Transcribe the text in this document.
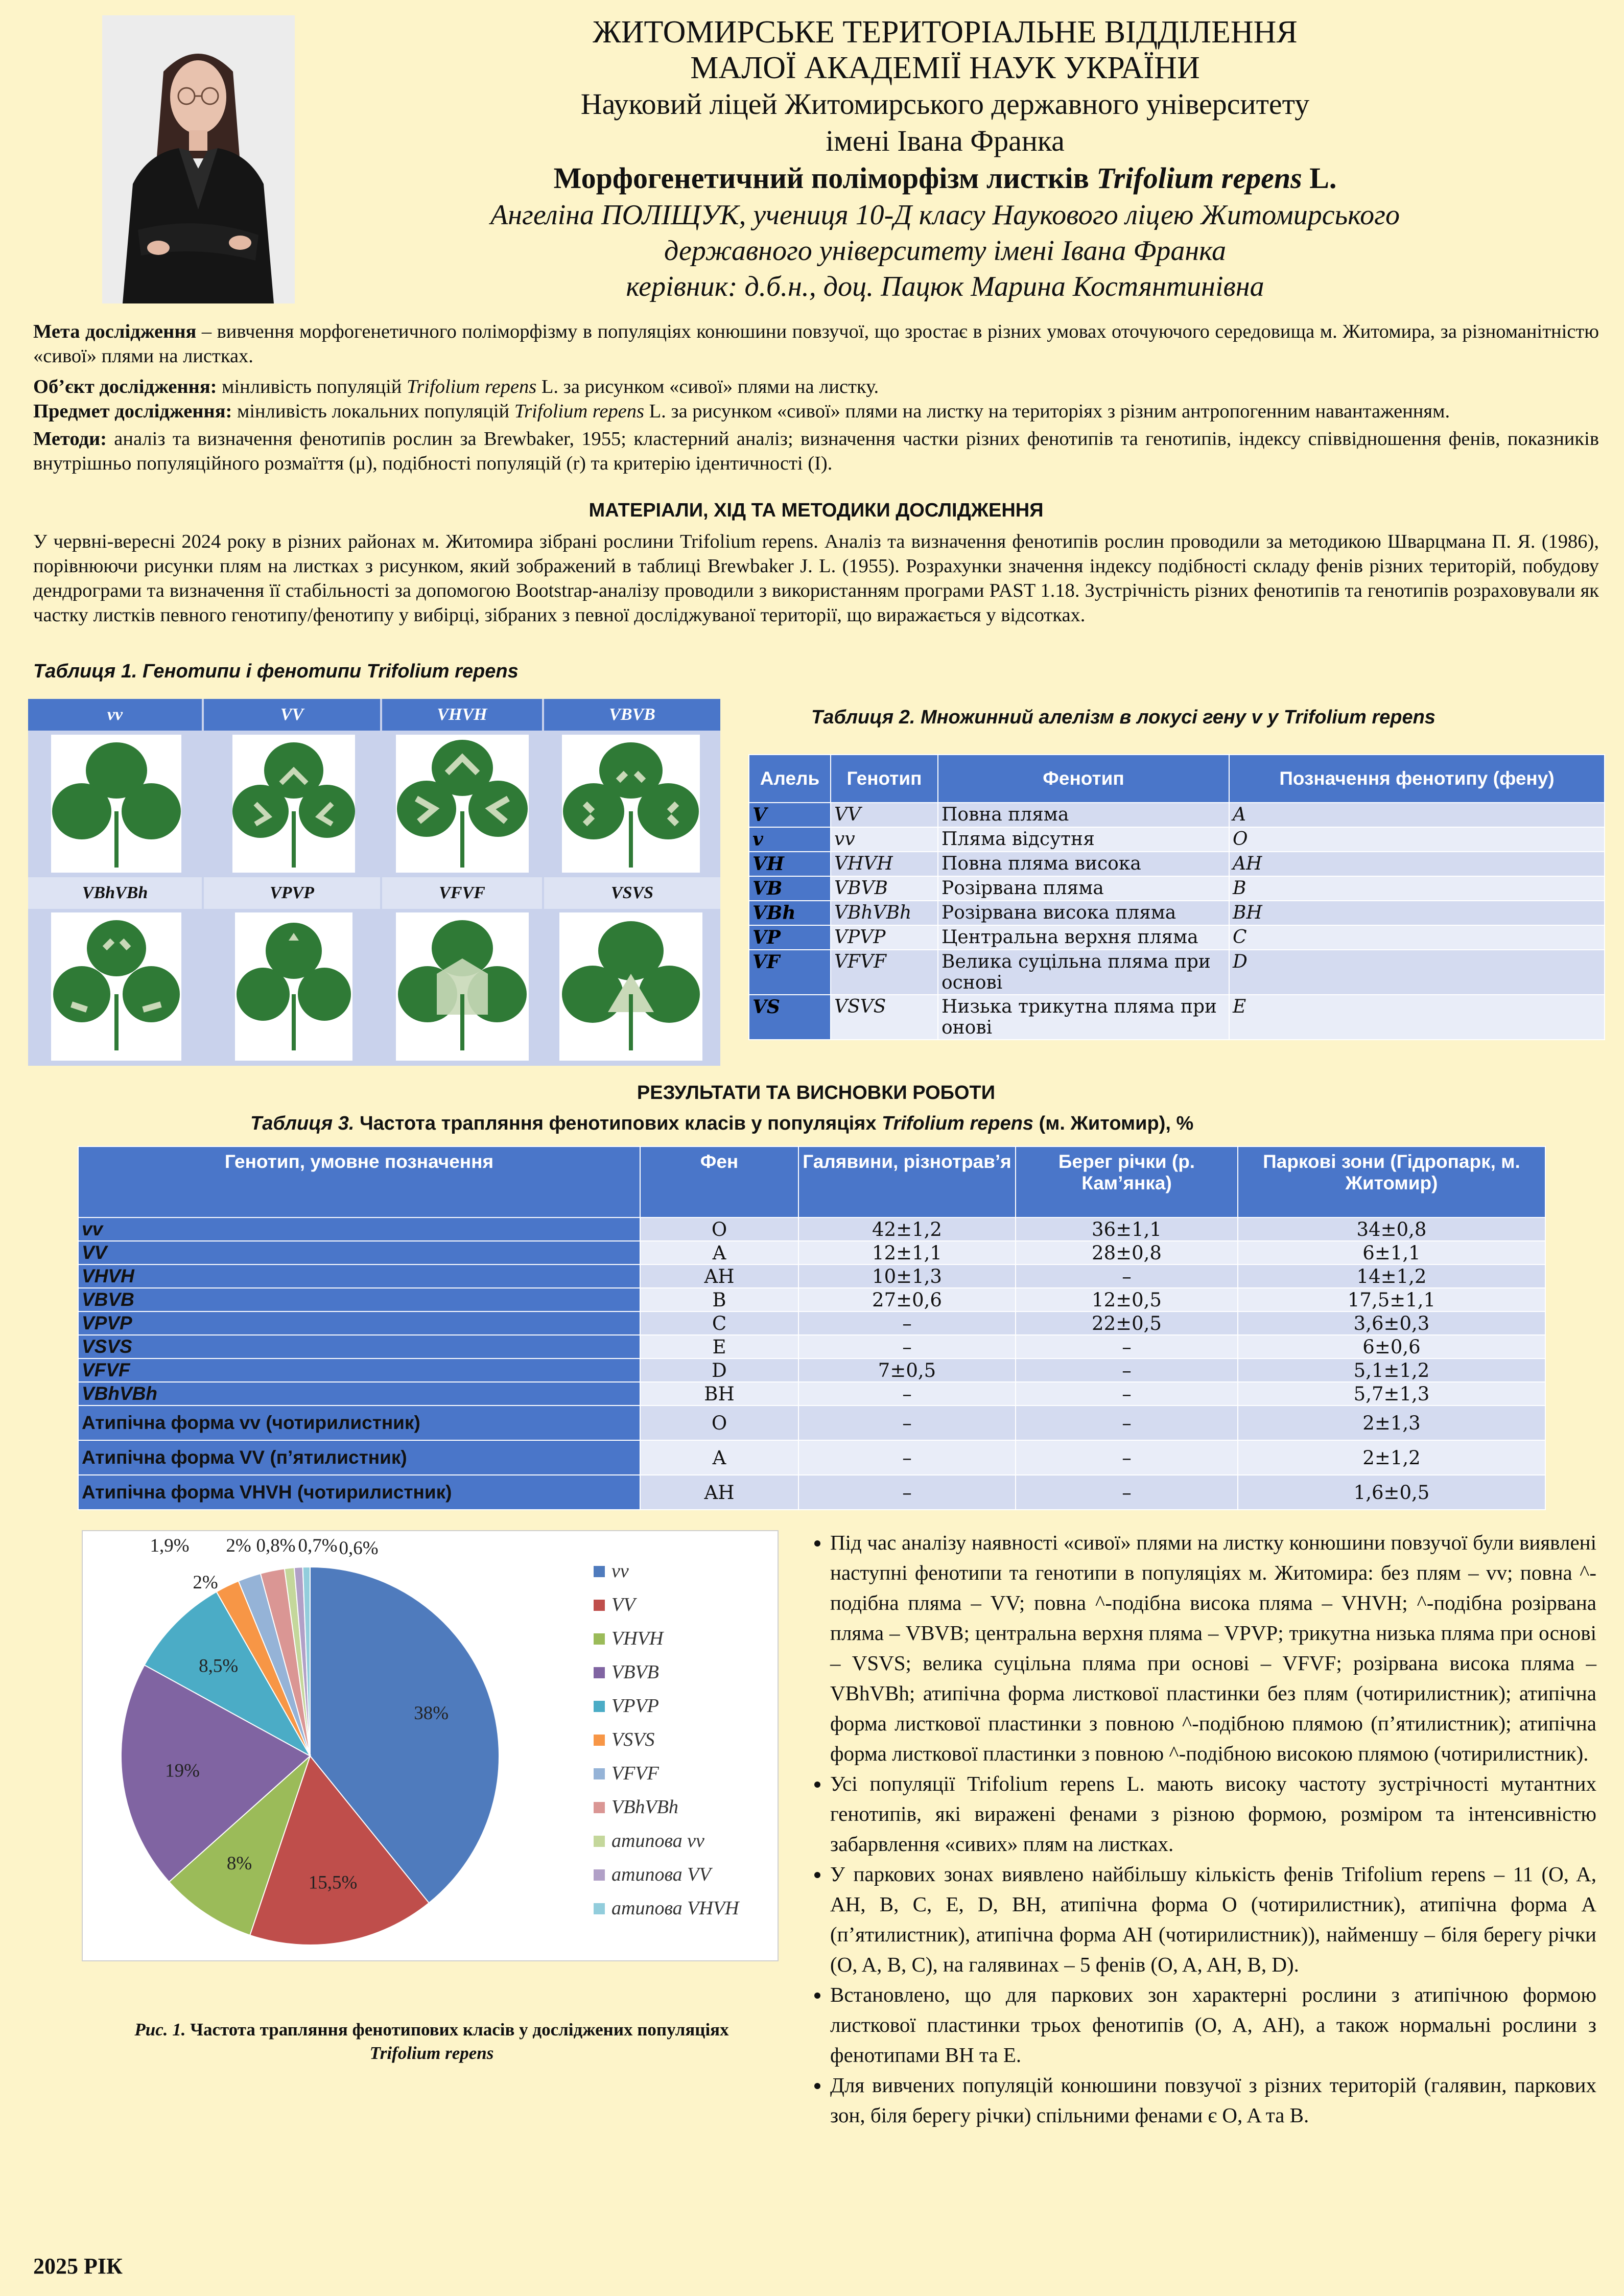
ЖИТОМИРСЬКЕ ТЕРИТОРІАЛЬНЕ ВІДДІЛЕННЯ
МАЛОЇ АКАДЕМІЇ НАУК УКРАЇНИ
Науковий ліцей Житомирського державного університету
імені Івана Франка
Морфогенетичний поліморфізм листків Trifolium repens L.
Ангеліна ПОЛІЩУК, учениця 10-Д класу Наукового ліцею Житомирського
державного університету імені Івана Франка
керівник: д.б.н., доц. Пацюк Марина Костянтинівна
Мета дослідження – вивчення морфогенетичного поліморфізму в популяціях конюшини повзучої, що зростає в різних умовах оточуючого середовища м. Житомира, за різноманітністю «сивої» плями на листках.
Об’єкт дослідження: мінливість популяцій Trifolium repens L. за рисунком «сивої» плями на листку.
Предмет дослідження: мінливість локальних популяцій Trifolium repens L. за рисунком «сивої» плями на листку на територіях з різним антропогенним навантаженням.
Методи: аналіз та визначення фенотипів рослин за Brewbaker, 1955; кластерний аналіз; визначення частки різних фенотипів та генотипів, індексу співвідношення фенів, показників внутрішньо популяційного розмаїття (μ), подібності популяцій (r) та критерію ідентичності (I).
МАТЕРІАЛИ, ХІД ТА МЕТОДИКИ ДОСЛІДЖЕННЯ
У червні-вересні 2024 року в різних районах м. Житомира зібрані рослини Trifolium repens. Аналіз та визначення фенотипів рослин проводили за методикою Шварцмана П. Я. (1986), порівнюючи рисунки плям на листках з рисунком, який зображений в таблиці Brewbaker J. L. (1955). Розрахунки значення індексу подібності складу фенів різних територій, побудову дендрограми та визначення її стабільності за допомогою Bootstrap-аналізу проводили з використанням програми PAST 1.18. Зустрічність різних фенотипів та генотипів розраховували як частку листків певного генотипу/фенотипу у вибірці, зібраних з певної досліджуваної території, що виражається у відсотках.
Таблиця 1. Генотипи і фенотипи Trifolium repens
vv	VV	VHVH	VBVB
VBhVBh	VPVP	VFVF	VSVS
Таблиця 2. Множинний алелізм в локусі гену v у Trifolium repens
Алель	Генотип	Фенотип	Позначення фенотипу (фену)
V	VV	Повна пляма	A
v	vv	Пляма відсутня	O
VH	VHVH	Повна пляма висока	AH
VB	VBVB	Розірвана пляма	B
VBh	VBhVBh	Розірвана висока пляма	BH
VP	VPVP	Центральна верхня пляма	C
VF	VFVF	Велика суцільна пляма при основі	D
VS	VSVS	Низька трикутна пляма при онові	E
РЕЗУЛЬТАТИ ТА ВИСНОВКИ РОБОТИ
Таблиця 3. Частота трапляння фенотипових класів у популяціях Trifolium repens (м. Житомир), %
Генотип, умовне позначення	Фен	Галявини, різнотрав’я	Берег річки (р. Кам’янка)	Паркові зони (Гідропарк, м. Житомир)
vv	O	42±1,2	36±1,1	34±0,8
VV	A	12±1,1	28±0,8	6±1,1
VHVH	AH	10±1,3	–	14±1,2
VBVB	B	27±0,6	12±0,5	17,5±1,1
VPVP	C	–	22±0,5	3,6±0,3
VSVS	E	–	–	6±0,6
VFVF	D	7±0,5	–	5,1±1,2
VBhVBh	BH	–	–	5,7±1,3
Атипічна форма vv (чотирилистник)	O	–	–	2±1,3
Атипічна форма VV (п’ятилистник)	A	–	–	2±1,2
Атипічна форма VHVH (чотирилистник)	AH	–	–	1,6±0,5
38%
15,5%
8%
19%
8,5%
2%
1,9% 2% 0,8% 0,7% 0,6%
vv
VV
VHVH
VBVB
VPVP
VSVS
VFVF
VBhVBh
атипова vv
атипова VV
атипова VHVH
Рис. 1. Частота трапляння фенотипових класів у досліджених популяціях
Trifolium repens
• Під час аналізу наявності «сивої» плями на листку конюшини повзучої були виявлені наступні фенотипи та генотипи в популяціях м. Житомира: без плям – vv; повна ^-подібна пляма – VV; повна ^-подібна висока пляма – VHVH; ^-подібна розірвана пляма – VBVB; центральна верхня пляма – VPVP; трикутна низька пляма при основі – VSVS; велика суцільна пляма при основі – VFVF; розірвана висока пляма – VBhVBh; атипічна форма листкової пластинки без плям (чотирилистник); атипічна форма листкової пластинки з повною ^-подібною плямою (п’ятилистник); атипічна форма листкової пластинки з повною ^-подібною високою плямою (чотирилистник).
• Усі популяції Trifolium repens L. мають високу частоту зустрічності мутантних генотипів, які виражені фенами з різною формою, розміром та інтенсивністю забарвлення «сивих» плям на листках.
• У паркових зонах виявлено найбільшу кількість фенів Trifolium repens – 11 (O, A, AH, B, C, E, D, BH, атипічна форма O (чотирилистник), атипічна форма A (п’ятилистник), атипічна форма AH (чотирилистник)), найменшу – біля берегу річки (O, A, B, C), на галявинах – 5 фенів (O, A, AH, B, D).
• Встановлено, що для паркових зон характерні рослини з атипічною формою листкової пластинки трьох фенотипів (O, A, AH), а також нормальні рослини з фенотипами BH та E.
• Для вивчених популяцій конюшини повзучої з різних територій (галявин, паркових зон, біля берегу річки) спільними фенами є O, A та B.
2025 РІК
